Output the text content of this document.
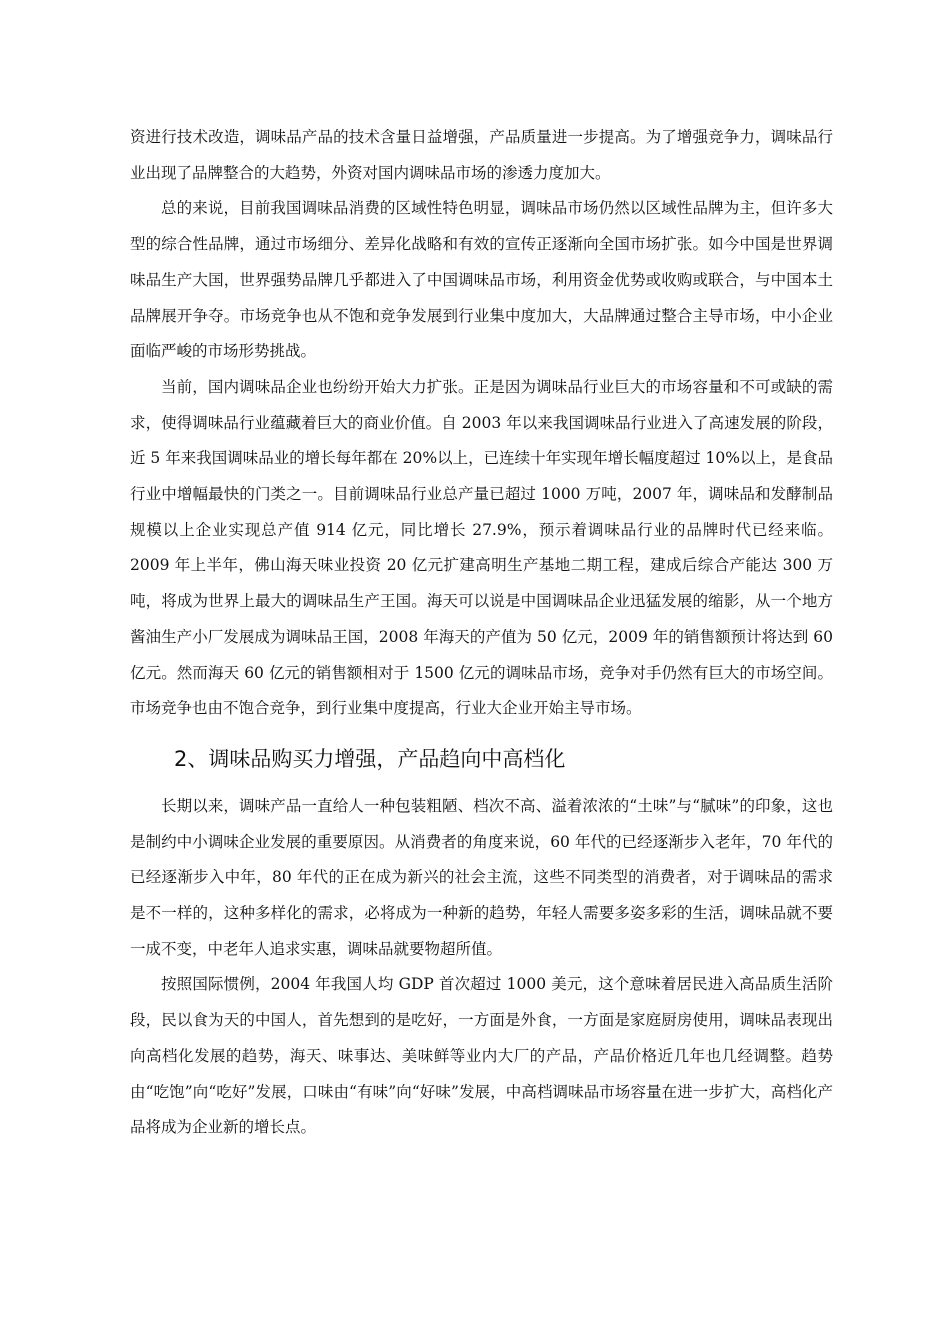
资进行技术改造，调味品产品的技术含量日益增强，产品质量进一步提高。为了增强竞争力，调味品行业出现了品牌整合的大趋势，外资对国内调味品市场的渗透力度加大。

总的来说，目前我国调味品消费的区域性特色明显，调味品市场仍然以区域性品牌为主，但许多大型的综合性品牌，通过市场细分、差异化战略和有效的宣传正逐渐向全国市场扩张。如今中国是世界调味品生产大国，世界强势品牌几乎都进入了中国调味品市场，利用资金优势或收购或联合，与中国本土品牌展开争夺。市场竞争也从不饱和竞争发展到行业集中度加大，大品牌通过整合主导市场，中小企业面临严峻的市场形势挑战。

当前，国内调味品企业也纷纷开始大力扩张。正是因为调味品行业巨大的市场容量和不可或缺的需求，使得调味品行业蕴藏着巨大的商业价值。自 2003 年以来我国调味品行业进入了高速发展的阶段，近 5 年来我国调味品业的增长每年都在 20%以上，已连续十年实现年增长幅度超过 10%以上，是食品行业中增幅最快的门类之一。目前调味品行业总产量已超过 1000 万吨，2007 年，调味品和发酵制品规模以上企业实现总产值 914 亿元，同比增长 27.9%，预示着调味品行业的品牌时代已经来临。2009 年上半年，佛山海天味业投资 20 亿元扩建高明生产基地二期工程，建成后综合产能达 300 万吨，将成为世界上最大的调味品生产王国。海天可以说是中国调味品企业迅猛发展的缩影，从一个地方酱油生产小厂发展成为调味品王国，2008 年海天的产值为 50 亿元，2009 年的销售额预计将达到 60 亿元。然而海天 60 亿元的销售额相对于 1500 亿元的调味品市场，竞争对手仍然有巨大的市场空间。市场竞争也由不饱合竞争，到行业集中度提高，行业大企业开始主导市场。

2、调味品购买力增强，产品趋向中高档化

长期以来，调味产品一直给人一种包装粗陋、档次不高、溢着浓浓的“土味”与“腻味”的印象，这也是制约中小调味企业发展的重要原因。从消费者的角度来说，60 年代的已经逐渐步入老年，70 年代的已经逐渐步入中年，80 年代的正在成为新兴的社会主流，这些不同类型的消费者，对于调味品的需求是不一样的，这种多样化的需求，必将成为一种新的趋势，年轻人需要多姿多彩的生活，调味品就不要一成不变，中老年人追求实惠，调味品就要物超所值。

按照国际惯例，2004 年我国人均 GDP 首次超过 1000 美元，这个意味着居民进入高品质生活阶段，民以食为天的中国人，首先想到的是吃好，一方面是外食，一方面是家庭厨房使用，调味品表现出向高档化发展的趋势，海天、味事达、美味鲜等业内大厂的产品，产品价格近几年也几经调整。趋势由“吃饱”向“吃好”发展，口味由“有味”向“好味”发展，中高档调味品市场容量在进一步扩大，高档化产品将成为企业新的增长点。
